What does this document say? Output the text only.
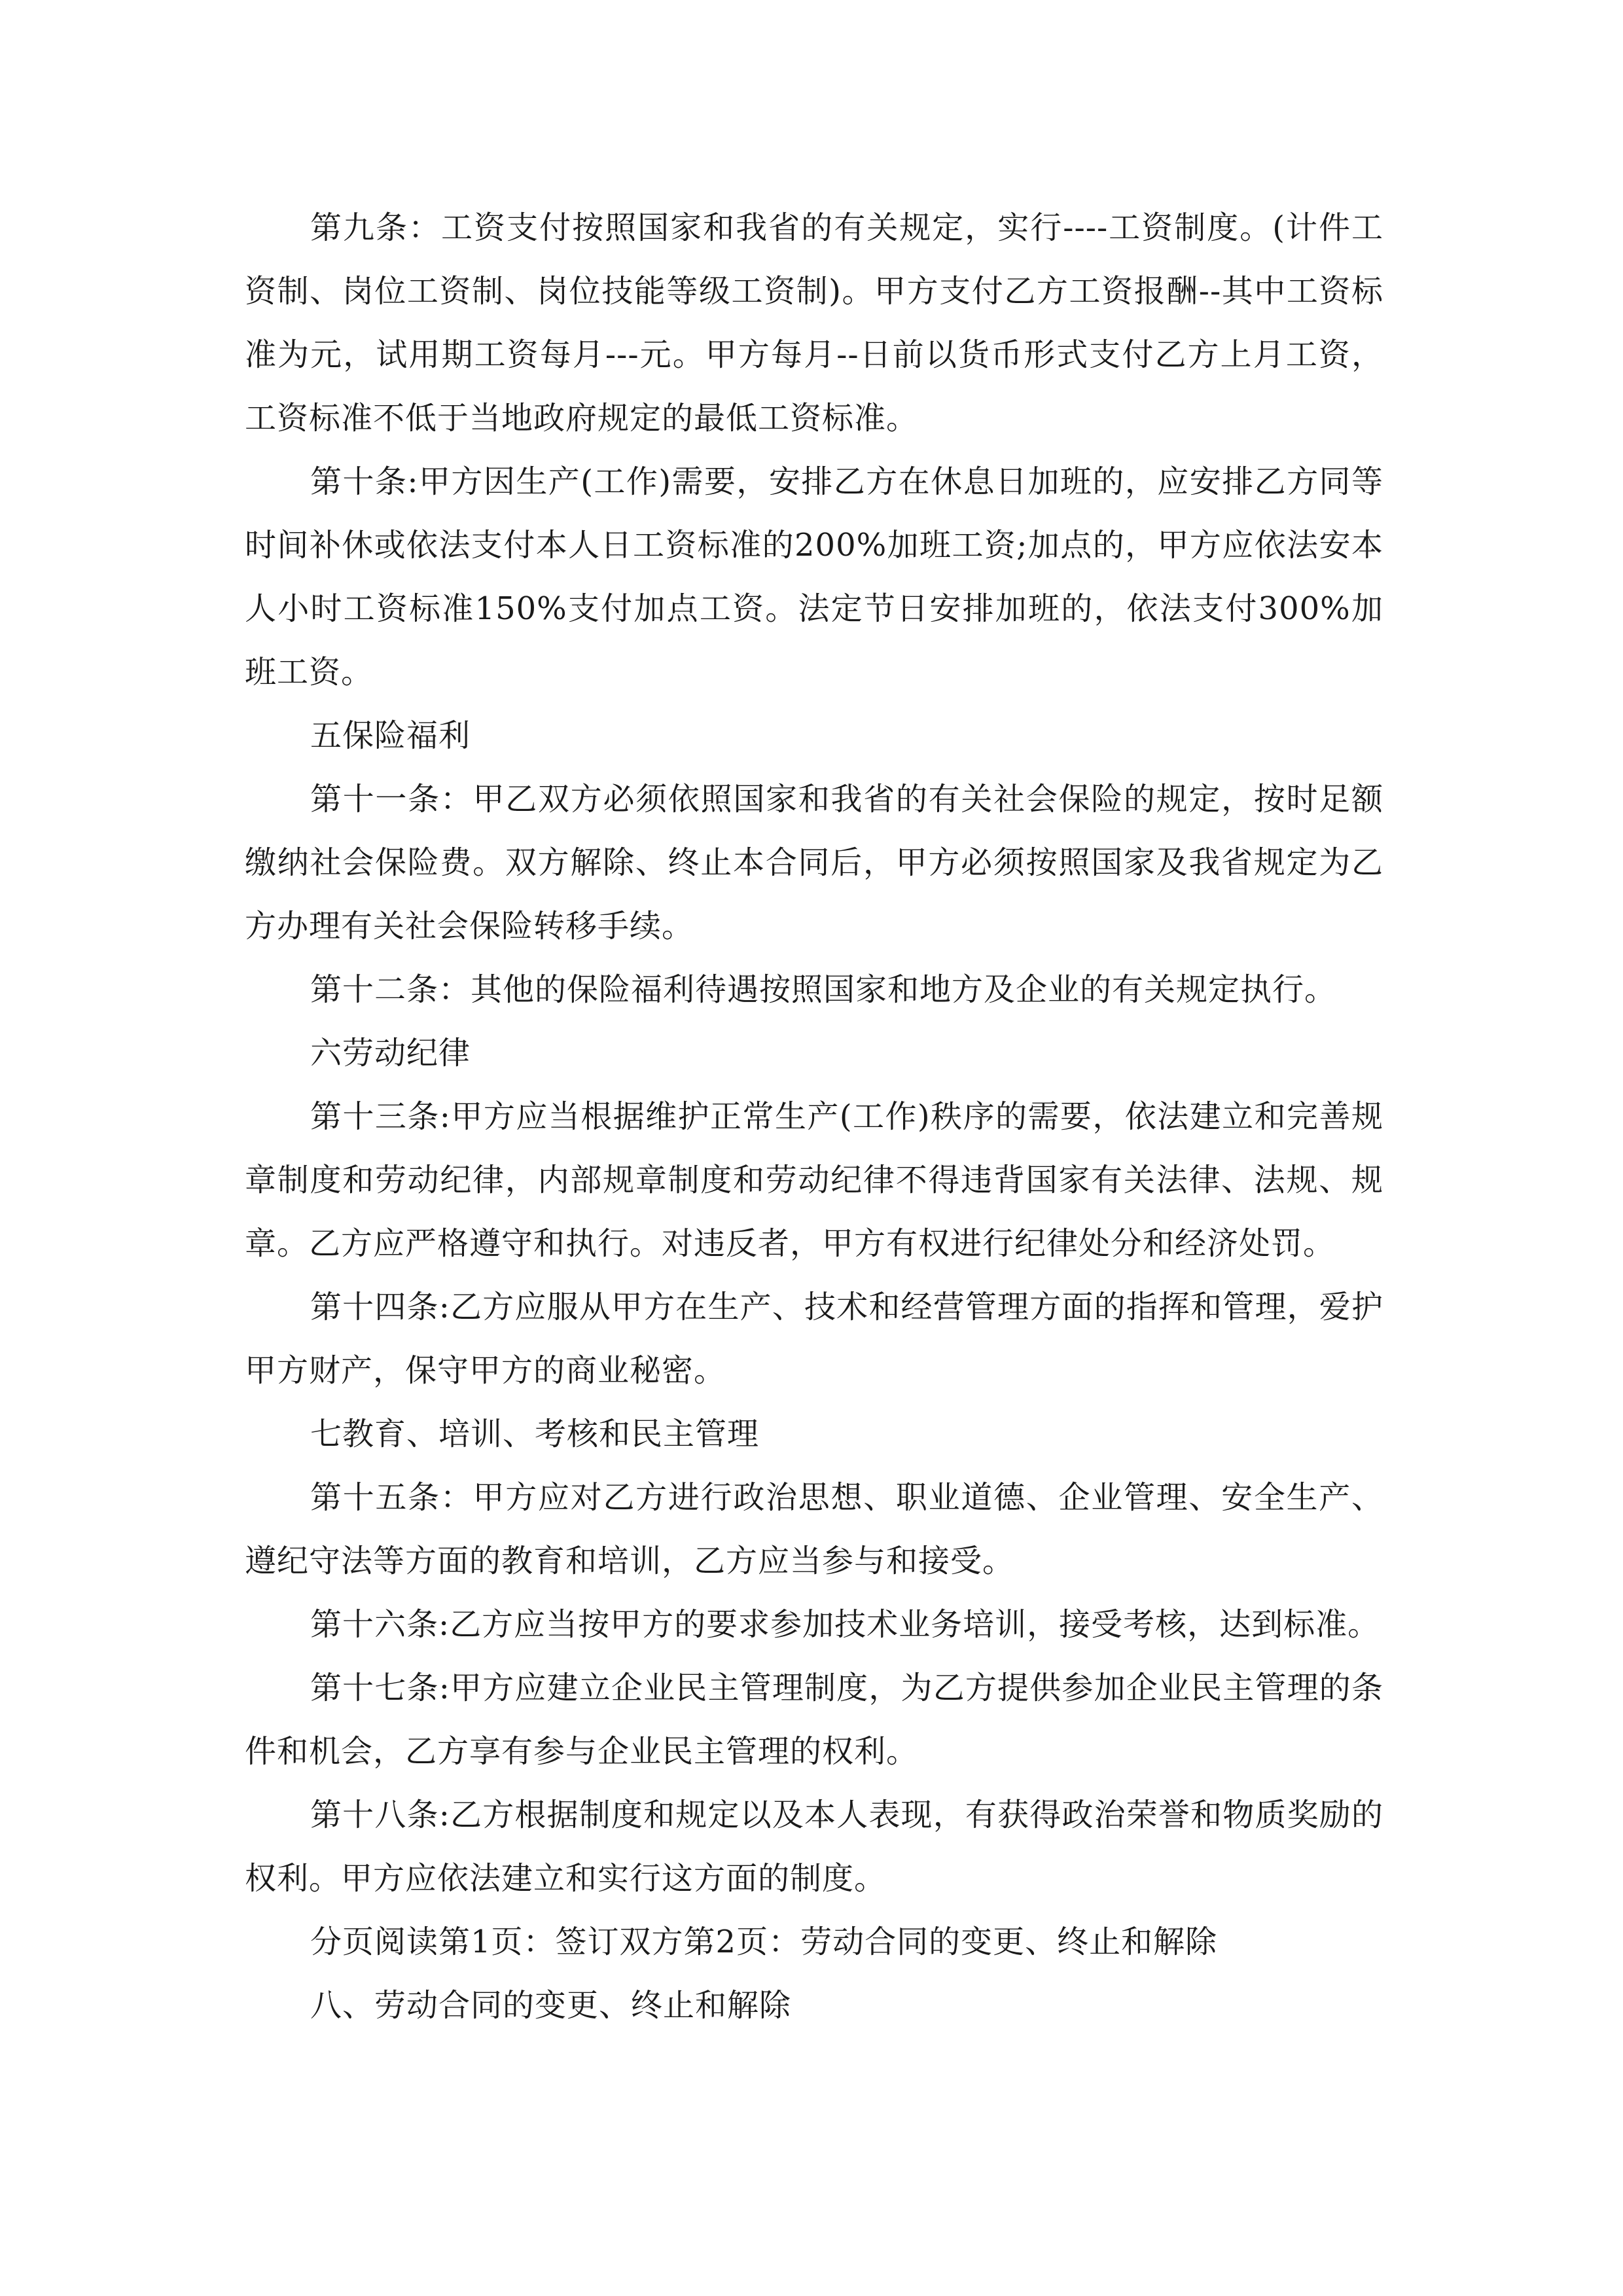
第九条：工资支付按照国家和我省的有关规定，实行----工资制度。(计件工资制、岗位工资制、岗位技能等级工资制)。甲方支付乙方工资报酬--其中工资标准为元，试用期工资每月---元。甲方每月--日前以货币形式支付乙方上月工资，工资标准不低于当地政府规定的最低工资标准。

第十条:甲方因生产(工作)需要，安排乙方在休息日加班的，应安排乙方同等时间补休或依法支付本人日工资标准的200%加班工资;加点的，甲方应依法安本人小时工资标准150%支付加点工资。法定节日安排加班的，依法支付300%加班工资。

五保险福利

第十一条：甲乙双方必须依照国家和我省的有关社会保险的规定，按时足额缴纳社会保险费。双方解除、终止本合同后，甲方必须按照国家及我省规定为乙方办理有关社会保险转移手续。

第十二条：其他的保险福利待遇按照国家和地方及企业的有关规定执行。

六劳动纪律

第十三条:甲方应当根据维护正常生产(工作)秩序的需要，依法建立和完善规章制度和劳动纪律，内部规章制度和劳动纪律不得违背国家有关法律、法规、规章。乙方应严格遵守和执行。对违反者，甲方有权进行纪律处分和经济处罚。

第十四条:乙方应服从甲方在生产、技术和经营管理方面的指挥和管理，爱护甲方财产，保守甲方的商业秘密。

七教育、培训、考核和民主管理

第十五条：甲方应对乙方进行政治思想、职业道德、企业管理、安全生产、遵纪守法等方面的教育和培训，乙方应当参与和接受。

第十六条:乙方应当按甲方的要求参加技术业务培训，接受考核，达到标准。

第十七条:甲方应建立企业民主管理制度，为乙方提供参加企业民主管理的条件和机会，乙方享有参与企业民主管理的权利。

第十八条:乙方根据制度和规定以及本人表现，有获得政治荣誉和物质奖励的权利。甲方应依法建立和实行这方面的制度。

分页阅读第1页：签订双方第2页：劳动合同的变更、终止和解除

八、劳动合同的变更、终止和解除
